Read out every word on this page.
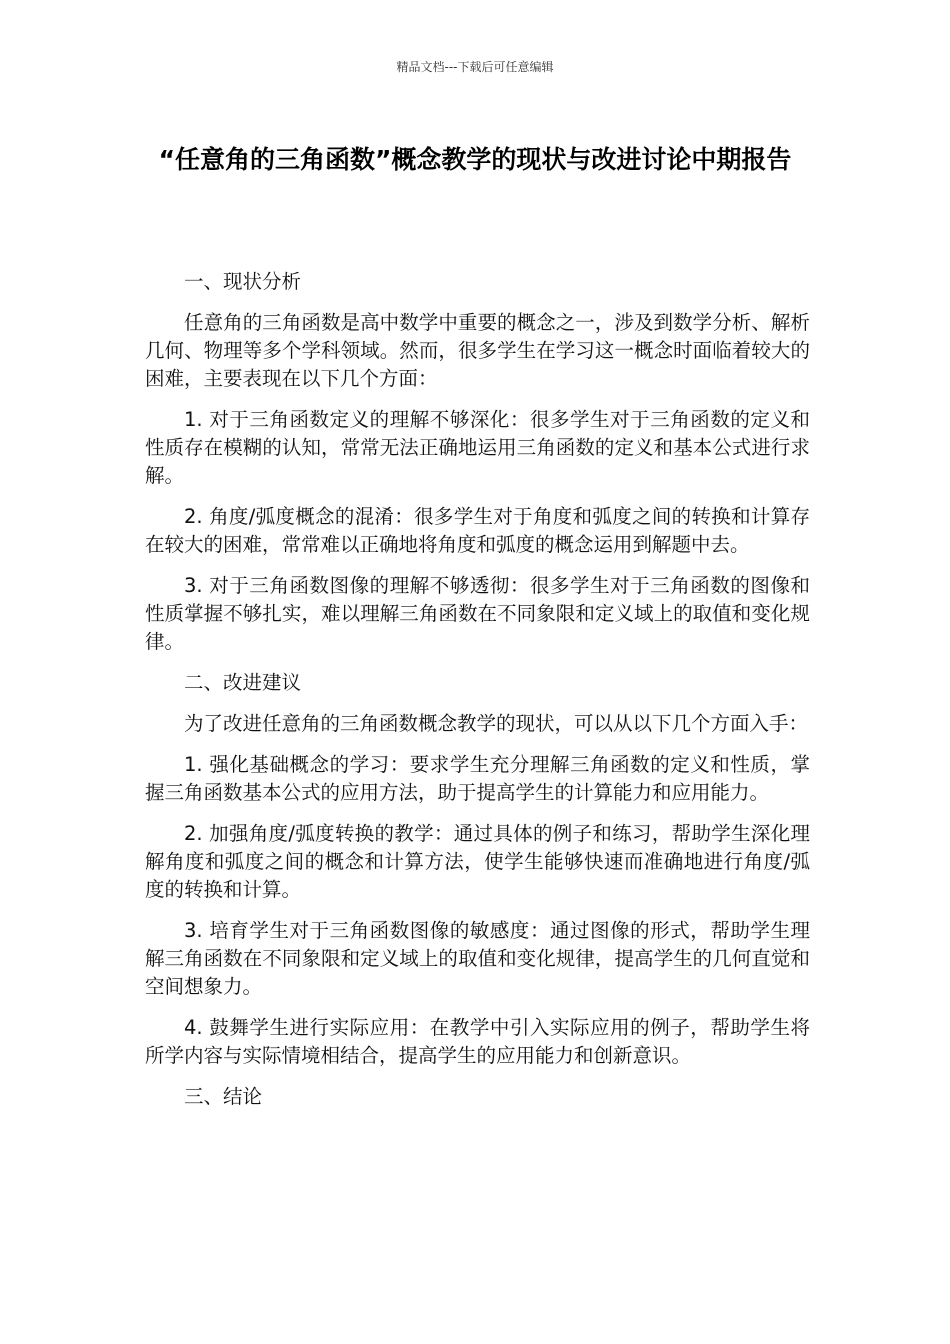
精品文档---下载后可任意编辑
“任意角的三角函数”概念教学的现状与改进讨论中期报告
一、现状分析

任意角的三角函数是高中数学中重要的概念之一，涉及到数学分析、解析几何、物理等多个学科领域。然而，很多学生在学习这一概念时面临着较大的困难，主要表现在以下几个方面：

1. 对于三角函数定义的理解不够深化：很多学生对于三角函数的定义和性质存在模糊的认知，常常无法正确地运用三角函数的定义和基本公式进行求解。

2. 角度/弧度概念的混淆：很多学生对于角度和弧度之间的转换和计算存在较大的困难，常常难以正确地将角度和弧度的概念运用到解题中去。

3. 对于三角函数图像的理解不够透彻：很多学生对于三角函数的图像和性质掌握不够扎实，难以理解三角函数在不同象限和定义域上的取值和变化规律。

二、改进建议

为了改进任意角的三角函数概念教学的现状，可以从以下几个方面入手：

1. 强化基础概念的学习：要求学生充分理解三角函数的定义和性质，掌握三角函数基本公式的应用方法，助于提高学生的计算能力和应用能力。

2. 加强角度/弧度转换的教学：通过具体的例子和练习，帮助学生深化理解角度和弧度之间的概念和计算方法，使学生能够快速而准确地进行角度/弧度的转换和计算。

3. 培育学生对于三角函数图像的敏感度：通过图像的形式，帮助学生理解三角函数在不同象限和定义域上的取值和变化规律，提高学生的几何直觉和空间想象力。

4. 鼓舞学生进行实际应用：在教学中引入实际应用的例子，帮助学生将所学内容与实际情境相结合，提高学生的应用能力和创新意识。

三、结论
